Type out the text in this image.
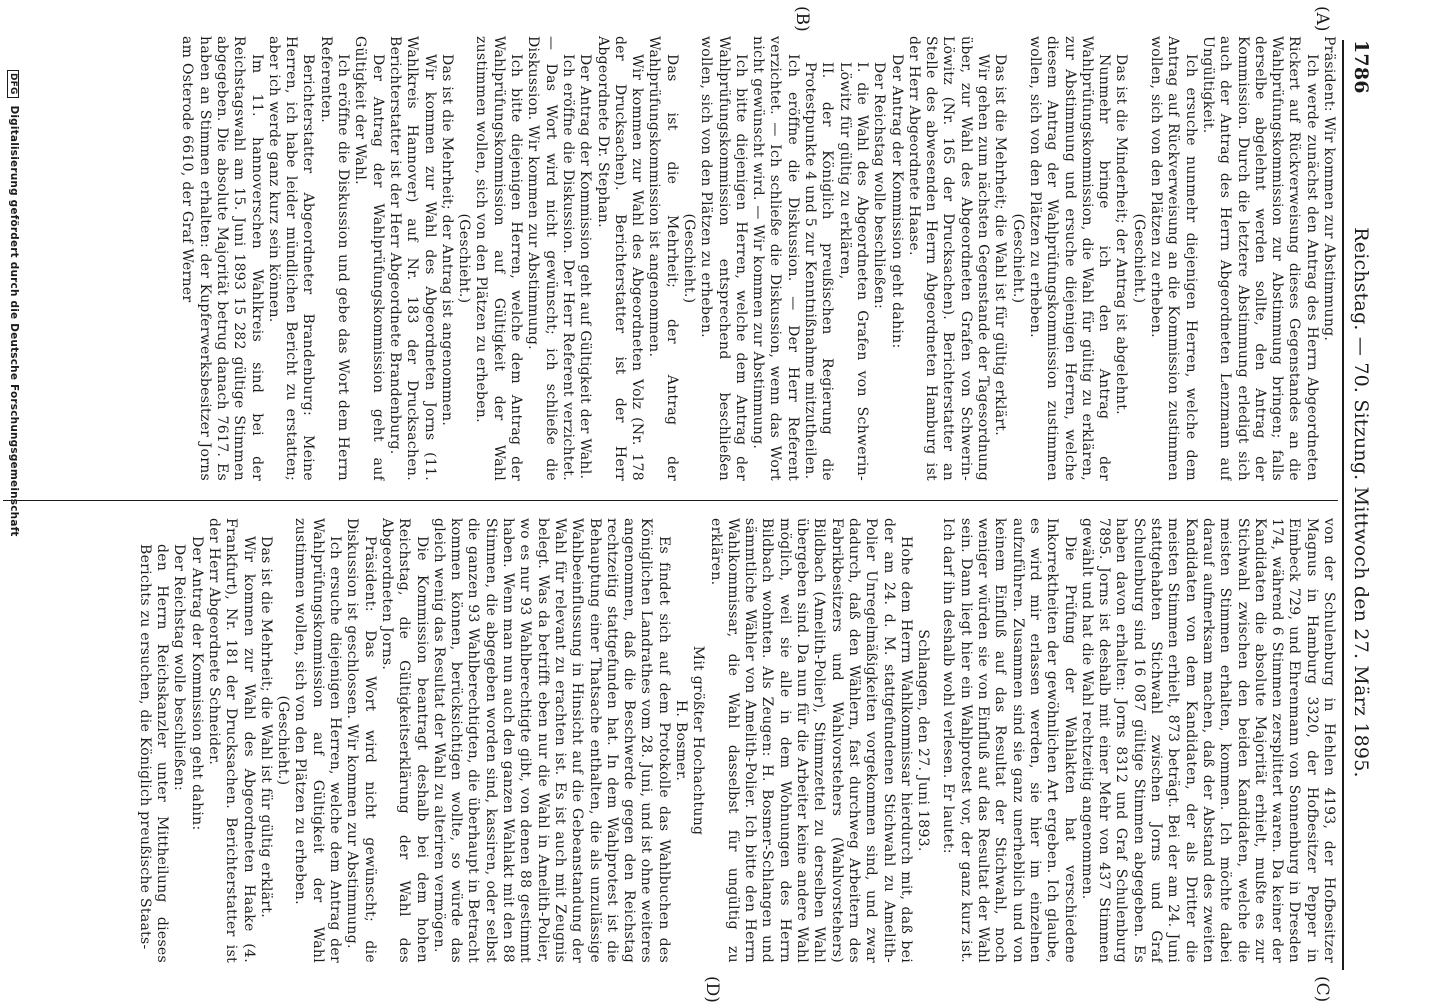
1786
Reichstag. — 70. Sitzung. Mittwoch den 27. März 1895.
(A)
(B)
(C)
(D)

Präsident: Wir kommen zur Abstimmung.

Ich werde zunächst den Antrag des Herrn Abgeordneten Rickert auf Rückverweisung dieses Gegenstandes an die Wahlprüfungskommission zur Abstimmung bringen; falls derselbe abgelehnt werden sollte, den Antrag der Kommission. Durch die letztere Abstimmung erledigt sich auch der Antrag des Herrn Abgeordneten Lenzmann auf Ungültigkeit.

Ich ersuche nunmehr diejenigen Herren, welche dem Antrag auf Rückverweisung an die Kommission zustimmen wollen, sich von den Plätzen zu erheben.

(Geschieht.)

Das ist die Minderheit; der Antrag ist abgelehnt.

Nunmehr bringe ich den Antrag der Wahlprüfungskommission, die Wahl für gültig zu erklären, zur Abstimmung und ersuche diejenigen Herren, welche diesem Antrag der Wahlprüfungskommission zustimmen wollen, sich von den Plätzen zu erheben.

(Geschieht.)

Das ist die Mehrheit; die Wahl ist für gültig erklärt.

Wir gehen zum nächsten Gegenstande der Tagesordnung über, zur Wahl des Abgeordneten Grafen von Schwerin-Löwitz (Nr. 165 der Drucksachen). Berichterstatter an Stelle des abwesenden Herrn Abgeordneten Hamburg ist der Herr Abgeordnete Haase.

Der Antrag der Kommission geht dahin:

Der Reichstag wolle beschließen:

I. die Wahl des Abgeordneten Grafen von Schwerin-Löwitz für gültig zu erklären,

II. der Königlich preußischen Regierung die Protestpunkte 4 und 5 zur Kenntnißnahme mitzutheilen.

Ich eröffne die Diskussion. — Der Herr Referent verzichtet. — Ich schließe die Diskussion, wenn das Wort nicht gewünscht wird. — Wir kommen zur Abstimmung.

Ich bitte diejenigen Herren, welche dem Antrag der Wahlprüfungskommission entsprechend beschließen wollen, sich von den Plätzen zu erheben.

(Geschieht.)

Das ist die Mehrheit; der Antrag der Wahlprüfungskommission ist angenommen.

Wir kommen zur Wahl des Abgeordneten Volz (Nr. 178 der Drucksachen). Berichterstatter ist der Herr Abgeordnete Dr. Stephan.

Der Antrag der Kommission geht auf Gültigkeit der Wahl.

Ich eröffne die Diskussion. Der Herr Referent verzichtet. — Das Wort wird nicht gewünscht; ich schließe die Diskussion. Wir kommen zur Abstimmung.

Ich bitte diejenigen Herren, welche dem Antrag der Wahlprüfungskommission auf Gültigkeit der Wahl zustimmen wollen, sich von den Plätzen zu erheben.

(Geschieht.)

Das ist die Mehrheit; der Antrag ist angenommen.

Wir kommen zur Wahl des Abgeordneten Jorns (11. Wahlkreis Hannover) auf Nr. 183 der Drucksachen. Berichterstatter ist der Herr Abgeordnete Brandenburg.

Der Antrag der Wahlprüfungskommission geht auf Gültigkeit der Wahl.

Ich eröffne die Diskussion und gebe das Wort dem Herrn Referenten.

Berichterstatter Abgeordneter Brandenburg: Meine Herren, ich habe leider mündlichen Bericht zu erstatten; aber ich werde ganz kurz sein können.

Im 11. hannoverschen Wahlkreis sind bei der Reichstagswahl am 15. Juni 1893 15 282 gültige Stimmen abgegeben. Die absolute Majorität betrug danach 7617. Es haben an Stimmen erhalten: der Kupferwerksbesitzer Jorns am Osterode 6610, der Graf Werner

von der Schulenburg in Hehlen 4193, der Hofbesitzer Magnus in Hamburg 3320, der Hofbesitzer Pepper in Eimbeck 729, und Ehrenmann von Sonnenburg in Dresden 174, während 6 Stimmen zersplittert waren. Da keiner der Kandidaten die absolute Majorität erhielt, mußte es zur Stichwahl zwischen den beiden Kandidaten, welche die meisten Stimmen erhalten, kommen. Ich möchte dabei darauf aufmerksam machen, daß der Abstand des zweiten Kandidaten von dem Kandidaten, der als Dritter die meisten Stimmen erhielt, 873 beträgt. Bei der am 24. Juni stattgehabten Stichwahl zwischen Jorns und Graf Schulenburg sind 16 087 gültige Stimmen abgegeben. Es haben davon erhalten: Jorns 8312 und Graf Schulenburg 7895. Jorns ist deshalb mit einer Mehr von 437 Stimmen gewählt und hat die Wahl rechtzeitig angenommen.

Die Prüfung der Wahlakten hat verschiedene Inkorrektheiten der gewöhnlichen Art ergeben. Ich glaube, es wird mir erlassen werden, sie hier im einzelnen aufzuführen. Zusammen sind sie ganz unerheblich und von keinem Einfluß auf das Resultat der Stichwahl, noch weniger würden sie von Einfluß auf das Resultat der Wahl sein. Dann liegt hier ein Wahlprotest vor, der ganz kurz ist. Ich darf ihn deshalb wohl verlesen. Er lautet:

Schlangen, den 27. Juni 1893.

Hohe dem Herrn Wahlkommissar hierdurch mit, daß bei der am 24. d. M. stattgefundenen Stichwahl zu Amelith-Polier Unregelmäßigkeiten vorgekommen sind, und zwar dadurch, daß den Wählern, fast durchweg Arbeitern des Fabrikbesitzers und Wahlvorstehers (Wahlvorstehers) Bildbach (Amelith-Polier), Stimmzettel zu derselben Wahl übergeben sind. Da nun für die Arbeiter keine andere Wahl möglich, weil sie alle in dem Wohnungen des Herrn Bildbach wohnten. Als Zeugen: H. Bosmer-Schlangen und sämmtliche Wähler von Amelith-Polier. Ich bitte den Herrn Wahlkommissar, die Wahl dasselbst für ungültig zu erklären.

Mit größter Hochachtung

H. Bosmer.

Es findet sich auf dem Protokolle das Wahlbuchen des Königlichen Landrathes vom 28. Juni, und ist ohne weiteres angenommen, daß die Beschwerde gegen den Reichstag rechtzeitig stattgefunden hat. In dem Wahlprotest ist die Behauptung einer Thatsache enthalten, die als unzulässige Wahlbeeinflussung in Hinsicht auf die Gebeanstandung der Wahl für relevant zu erachten ist. Es ist auch mit Zeugnis belegt. Was da betrifft eben nur die Wahl in Amelith-Polier, wo es nur 93 Wahlberechtigte gibt, von denen 88 gestimmt haben. Wenn man nun auch den ganzen Wahlakt mit den 88 Stimmen, die abgegeben worden sind, kassiren, oder selbst die ganzen 93 Wahlberechtigten, die überhaupt in Betracht kommen können, berücksichtigen wollte, so würde das gleich wenig das Resultat der Wahl zu alteriren vermögen.

Die Kommission beantragt deshalb bei dem hohen Reichstag, die Gültigkeitserklärung der Wahl des Abgeordneten Jorns.

Präsident: Das Wort wird nicht gewünscht; die Diskussion ist geschlossen. Wir kommen zur Abstimmung.

Ich ersuche diejenigen Herren, welche dem Antrag der Wahlprüfungskommission auf Gültigkeit der Wahl zustimmen wollen, sich von den Plätzen zu erheben.

(Geschieht.)

Das ist die Mehrheit; die Wahl ist für gültig erklärt.

Wir kommen zur Wahl des Abgeordneten Haake (4. Frankfurt), Nr. 181 der Drucksachen. Berichterstatter ist der Herr Abgeordnete Schneider.

Der Antrag der Kommission geht dahin:

Der Reichstag wolle beschließen:

den Herrn Reichskanzler unter Mittheilung dieses Berichts zu ersuchen, die Königlich preußische Staats-

DFG Digitalisierung gefördert durch die Deutsche Forschungsgemeinschaft
